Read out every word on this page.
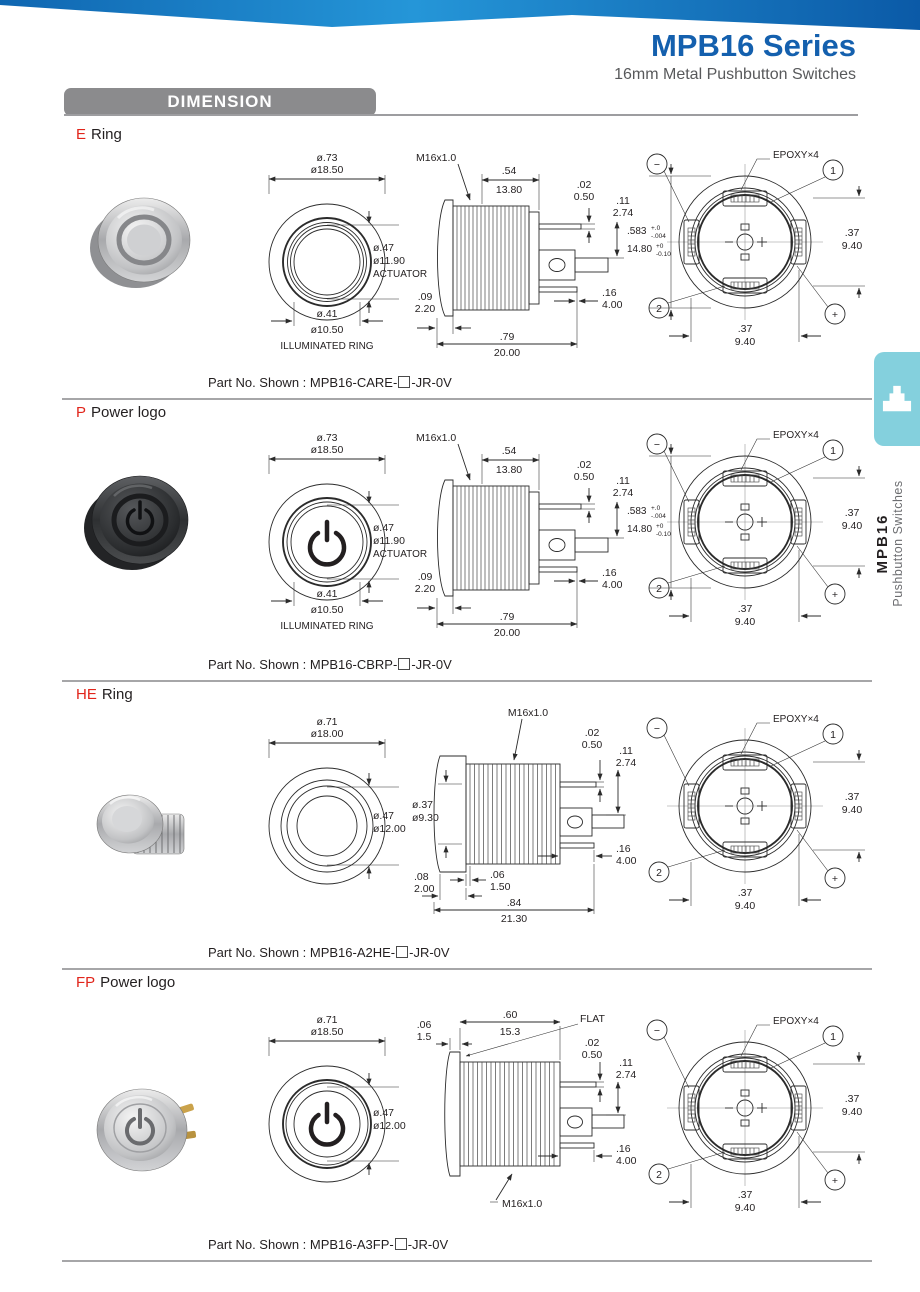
MPB16 Series
16mm Metal Pushbutton Switches
DIMENSION
MPB16 Pushbutton Switches
E Ring
ø.73
ø18.50
ø.47
ø11.90
ACTUATOR
ø.41
ø10.50
ILLUMINATED RING
M16x1.0
.54
13.80	.02
0.50 .11
2.74
.16
4.00
.09
2.20
.79
20.00
−	1
2	+
EPOXY×4
.37
9.40
.37
9.40
.583 +.0
-.004
14.80 +0
-0.10
Part No. Shown : MPB16-CARE- -JR-0V
P Power logo
ø.73
ø18.50
ø.47
ø11.90
ACTUATOR
ø.41
ø10.50
ILLUMINATED RING
M16x1.0
.54
13.80	.02
0.50 .11
2.74
.16
4.00
.09
2.20
.79
20.00
−	1
2	+
EPOXY×4
.37
9.40
.37
9.40
.583 +.0
-.004
14.80 +0
-0.10
Part No. Shown : MPB16-CBRP- -JR-0V
HE Ring
ø.71
ø18.00
ø.47
ø12.00
M16x1.0
ø.37
ø9.30
.02
0.50 .11
2.74
.16
4.00
.06
1.50
.08
2.00
.84
21.30
−	1
2	+
EPOXY×4
.37
9.40
.37
9.40
Part No. Shown : MPB16-A2HE- -JR-0V
FP Power logo
ø.71
ø18.50
ø.47
ø12.00
.06
1.5
.60
15.3
FLAT
.02
0.50
.11
2.74
.16
4.00
M16x1.0
−	1
2	+
EPOXY×4
.37
9.40
.37
9.40
Part No. Shown : MPB16-A3FP- -JR-0V
